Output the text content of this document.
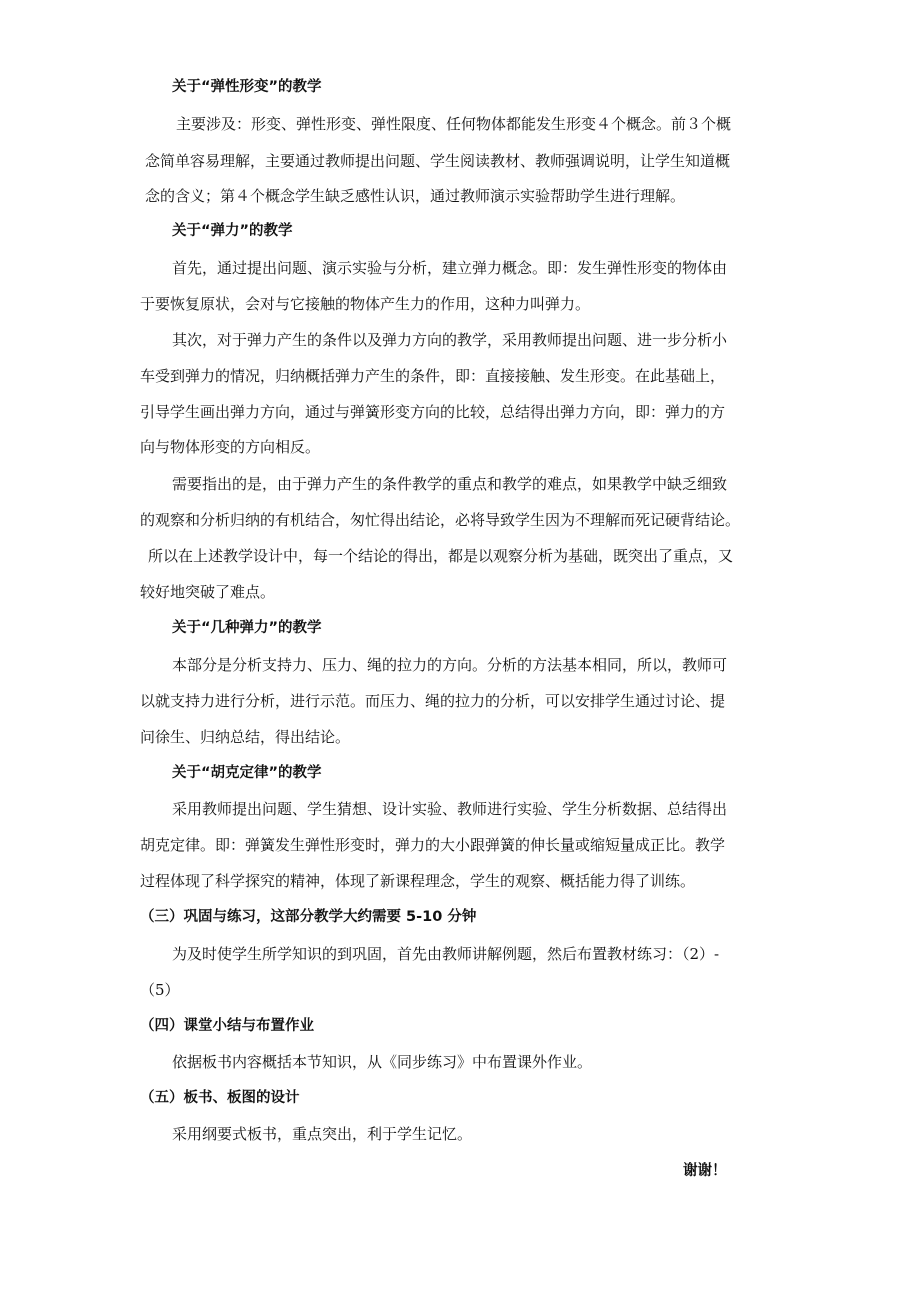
关于“弹性形变”的教学
主要涉及：形变、弹性形变、弹性限度、任何物体都能发生形变４个概念。前３个概
念简单容易理解，主要通过教师提出问题、学生阅读教材、教师强调说明，让学生知道概
念的含义；第４个概念学生缺乏感性认识，通过教师演示实验帮助学生进行理解。
关于“弹力”的教学
首先，通过提出问题、演示实验与分析，建立弹力概念。即：发生弹性形变的物体由
于要恢复原状，会对与它接触的物体产生力的作用，这种力叫弹力。
其次，对于弹力产生的条件以及弹力方向的教学，采用教师提出问题、进一步分析小
车受到弹力的情况，归纳概括弹力产生的条件，即：直接接触、发生形变。在此基础上，
引导学生画出弹力方向，通过与弹簧形变方向的比较，总结得出弹力方向，即：弹力的方
向与物体形变的方向相反。
需要指出的是，由于弹力产生的条件教学的重点和教学的难点，如果教学中缺乏细致
的观察和分析归纳的有机结合，匆忙得出结论，必将导致学生因为不理解而死记硬背结论。
所以在上述教学设计中，每一个结论的得出，都是以观察分析为基础，既突出了重点，又
较好地突破了难点。
关于“几种弹力”的教学
本部分是分析支持力、压力、绳的拉力的方向。分析的方法基本相同，所以，教师可
以就支持力进行分析，进行示范。而压力、绳的拉力的分析，可以安排学生通过讨论、提
问徐生、归纳总结，得出结论。
关于“胡克定律”的教学
采用教师提出问题、学生猜想、设计实验、教师进行实验、学生分析数据、总结得出
胡克定律。即：弹簧发生弹性形变时，弹力的大小跟弹簧的伸长量或缩短量成正比。教学
过程体现了科学探究的精神，体现了新课程理念，学生的观察、概括能力得了训练。
（三）巩固与练习，这部分教学大约需要 5-10 分钟
为及时使学生所学知识的到巩固，首先由教师讲解例题，然后布置教材练习：（2）-
（5）
（四）课堂小结与布置作业
依据板书内容概括本节知识，从《同步练习》中布置课外作业。
（五）板书、板图的设计
采用纲要式板书，重点突出，利于学生记忆。
谢谢！
